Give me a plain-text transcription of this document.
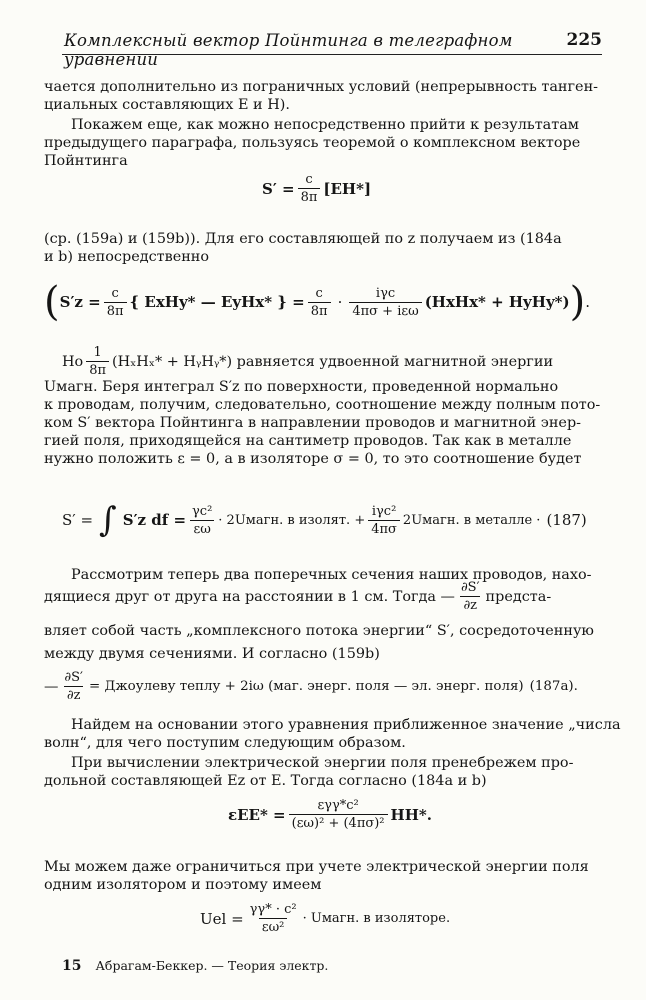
Комплексный вектор Пойнтинга в телеграфном уравнении
225
чается дополнительно из пограничных условий (непрерывность танген-
циальных составляющих E и H).
Покажем еще, как можно непосредственно прийти к результатам
предыдущего параграфа, пользуясь теоремой о комплексном векторе
Пойнтинга
$S' = \frac{c}{8\pi} [EH*]$
(ср. (159a) и (159b)). Для его составляющей по z получаем из (184a
и b) непосредственно
( $S'z = \frac{c}{8\pi}$ { ExHy* — EyHx* } = $\frac{c}{8\pi} \cdot \frac{\text{iγc}}{\text{4πσ + iεω}}$ (HxHx* + HyHy*) ) .
Но $\frac{1}{8\pi} (H_xH_x*$ + HᵧHᵧ*) равняется удвоенной магнитной энергии
Uмагн. Беря интеграл S′z по поверхности, проведенной нормально
к проводам, получим, следовательно, соотношение между полным пото-
ком S′ вектора Пойнтинга в направлении проводов и магнитной энер-
гией поля, приходящейся на сантиметр проводов. Так как в металле
нужно положить ε = 0, а в изоляторе σ = 0, то это соотношение будет
S′ = ∫ S′z df = $\frac{\text{γc²}}{\varepsilon\omega}$ · 2Uмагн. в изолят. + $\frac{\text{iγc²}}{4\pi\sigma}$ 2Uмагн. в металле · (187)
Рассмотрим теперь два поперечных сечения наших проводов, нахо-
дящиеся друг от друга на расстоянии в 1 см. Тогда — $\frac{\partial S'}{\partial z}$ предста-
вляет собой часть „комплексного потока энергии“ S′, сосредоточенную
между двумя сечениями. И согласно (159b)
— $\frac{\partial S'}{\partial z}$ = Джоулеву теплу + 2iω (маг. энерг. поля — эл. энерг. поля) (187a).
Найдем на основании этого уравнения приближенное значение „числа
волн“, для чего поступим следующим образом.
При вычислении электрической энергии поля пренебрежем про-
дольной составляющей Ez от E. Тогда согласно (184a и b)
$\varepsilon EE* = \frac{\text{εγγ*c²}}{\text{(εω)² + (4πσ)²}} HH*$.
Мы можем даже ограничиться при учете электрической энергии поля
одним изолятором и поэтому имеем
Uel = $\frac{\text{γγ* · c²}}{\text{εω²}}$ · Uмагн. в изоляторе.
15 Абрагам-Беккер. — Теория электр.
